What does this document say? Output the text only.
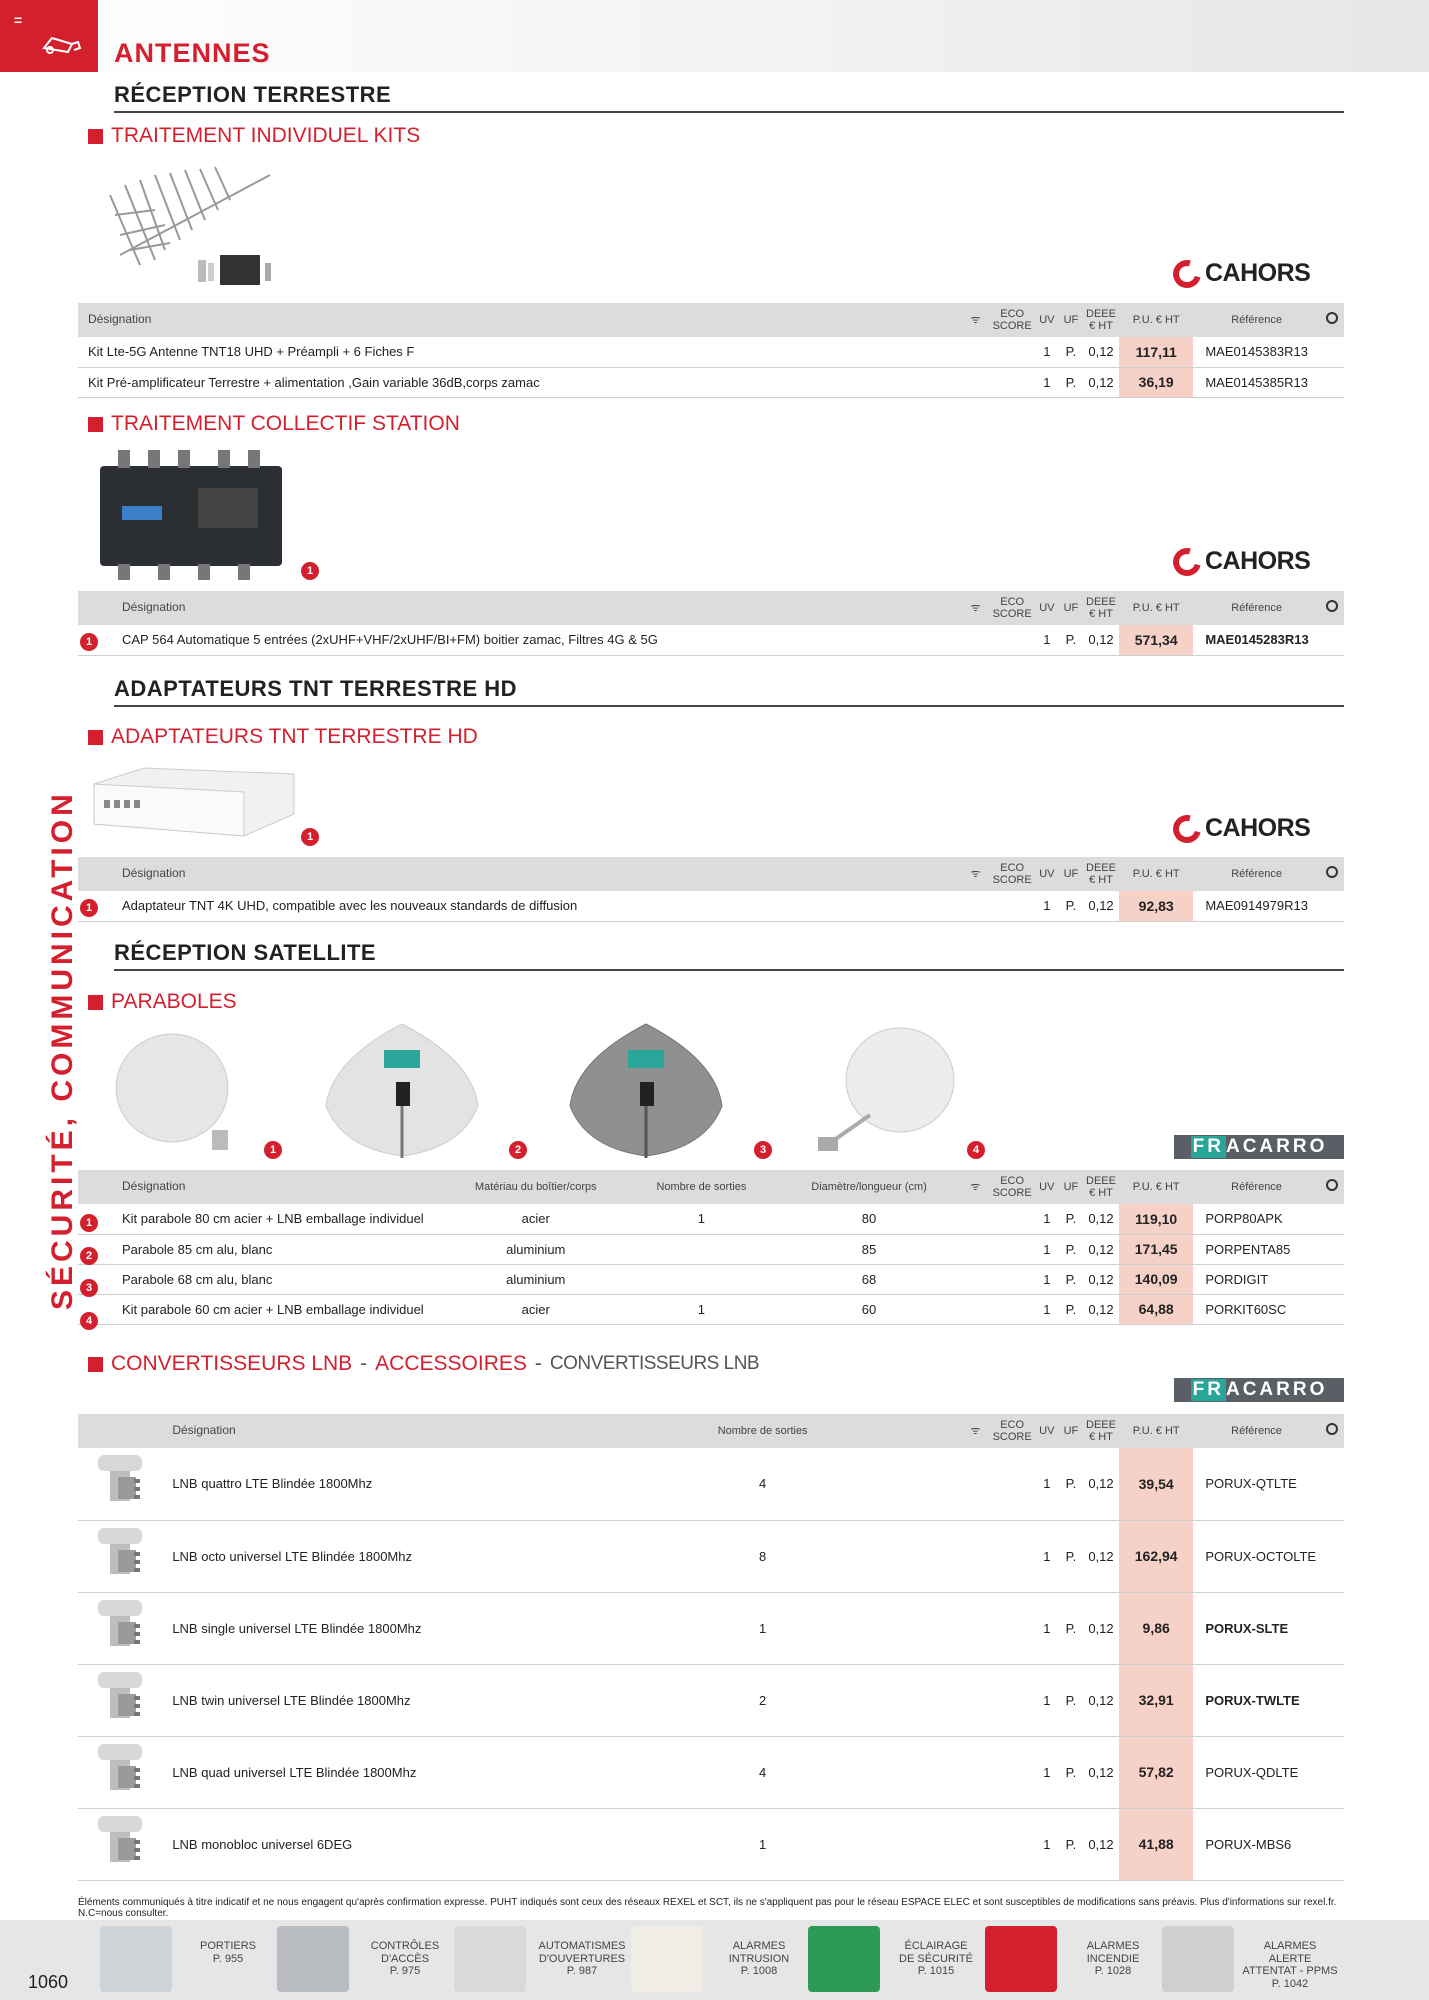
=
ANTENNES
SÉCURITÉ, COMMUNICATION
RÉCEPTION TERRESTRE
TRAITEMENT INDIVIDUEL KITS
CAHORS
Désignation	ᯤ	ECO
SCORE	UV	UF	DEEE
€ HT	P.U. € HT	Référence	
Kit Lte-5G Antenne TNT18 UHD + Préampli + 6 Fiches F			1	P.	0,12	117,11	MAE0145383R13	
Kit Pré-amplificateur Terrestre + alimentation ,Gain variable 36dB,corps zamac			1	P.	0,12	36,19	MAE0145385R13	
TRAITEMENT COLLECTIF STATION
1	CAHORS
Désignation	ᯤ	ECO
SCORE	UV	UF	DEEE
€ HT	P.U. € HT	Référence	
CAP 564 Automatique 5 entrées (2xUHF+VHF/2xUHF/BI+FM) boitier zamac, Filtres 4G & 5G			1	P.	0,12	571,34	MAE0145283R13	
1
ADAPTATEURS TNT TERRESTRE HD
ADAPTATEURS TNT TERRESTRE HD
1	CAHORS
Désignation	ᯤ	ECO
SCORE	UV	UF	DEEE
€ HT	P.U. € HT	Référence	
Adaptateur TNT 4K UHD, compatible avec les nouveaux standards de diffusion			1	P.	0,12	92,83	MAE0914979R13	
1
RÉCEPTION SATELLITE
PARABOLES
1	2	3	4	FR ACARRO
Désignation	Matériau du boîtier/corps	Nombre de sorties	Diamètre/longueur (cm)	ᯤ	ECO
SCORE	UV	UF	DEEE
€ HT	P.U. € HT	Référence	
Kit parabole 80 cm acier + LNB emballage individuel	acier	1	80			1	P.	0,12	119,10	PORP80APK	
Parabole 85 cm alu, blanc	aluminium		85			1	P.	0,12	171,45	PORPENTA85	
Parabole 68 cm alu, blanc	aluminium		68			1	P.	0,12	140,09	PORDIGIT	
Kit parabole 60 cm acier + LNB emballage individuel	acier	1	60			1	P.	0,12	64,88	PORKIT60SC	
CONVERTISSEURS LNB - ACCESSOIRES - CONVERTISSEURS LNB
FR ACARRO
	Désignation	Nombre de sorties	ᯤ	ECO
SCORE	UV	UF	DEEE
€ HT	P.U. € HT	Référence	
	LNB quattro LTE Blindée 1800Mhz	4			1	P.	0,12	39,54	PORUX-QTLTE	
	LNB octo universel LTE Blindée 1800Mhz	8			1	P.	0,12	162,94	PORUX-OCTOLTE	
	LNB single universel LTE Blindée 1800Mhz	1			1	P.	0,12	9,86	PORUX-SLTE	
	LNB twin universel LTE Blindée 1800Mhz	2			1	P.	0,12	32,91	PORUX-TWLTE	
	LNB quad universel LTE Blindée 1800Mhz	4			1	P.	0,12	57,82	PORUX-QDLTE	
	LNB monobloc universel 6DEG	1			1	P.	0,12	41,88	PORUX-MBS6	
Éléments communiqués à titre indicatif et ne nous engagent qu'après confirmation expresse. PUHT indiqués sont ceux des réseaux REXEL et SCT, ils ne s'appliquent pas pour le réseau ESPACE ELEC et sont susceptibles de modifications sans préavis. Plus d'informations sur rexel.fr. N.C=nous consulter.
1060
PORTIERS
P. 955
CONTRÔLES
D'ACCÈS
P. 975
AUTOMATISMES
D'OUVERTURES
P. 987
ALARMES
INTRUSION
P. 1008
ÉCLAIRAGE
DE SÉCURITÉ
P. 1015
ALARMES
INCENDIE
P. 1028
ALARMES ALERTE
ATTENTAT - PPMS
P. 1042
1
2
3
4
